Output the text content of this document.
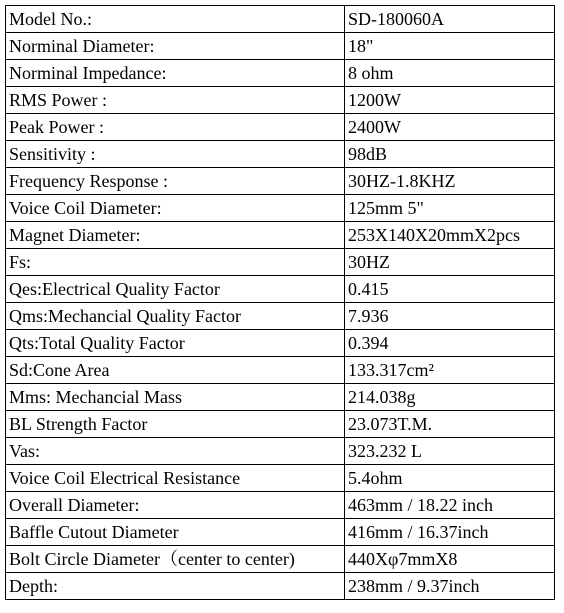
Model No.:	SD-180060A
Norminal Diameter:	18"
Norminal Impedance:	8 ohm
RMS Power :	1200W
Peak Power :	2400W
Sensitivity :	98dB
Frequency Response :	30HZ-1.8KHZ
Voice Coil Diameter:	125mm 5"
Magnet Diameter:	253X140X20mmX2pcs
Fs:	30HZ
Qes:Electrical Quality Factor	0.415
Qms:Mechancial Quality Factor	7.936
Qts:Total Quality Factor	0.394
Sd:Cone Area	133.317cm²
Mms: Mechancial Mass	214.038g
BL Strength Factor	23.073T.M.
Vas:	323.232 L
Voice Coil Electrical Resistance	5.4ohm
Overall Diameter:	463mm / 18.22 inch
Baffle Cutout Diameter	416mm / 16.37inch
Bolt Circle Diameter（center to center)	440Xφ7mmX8
Depth:	238mm / 9.37inch
